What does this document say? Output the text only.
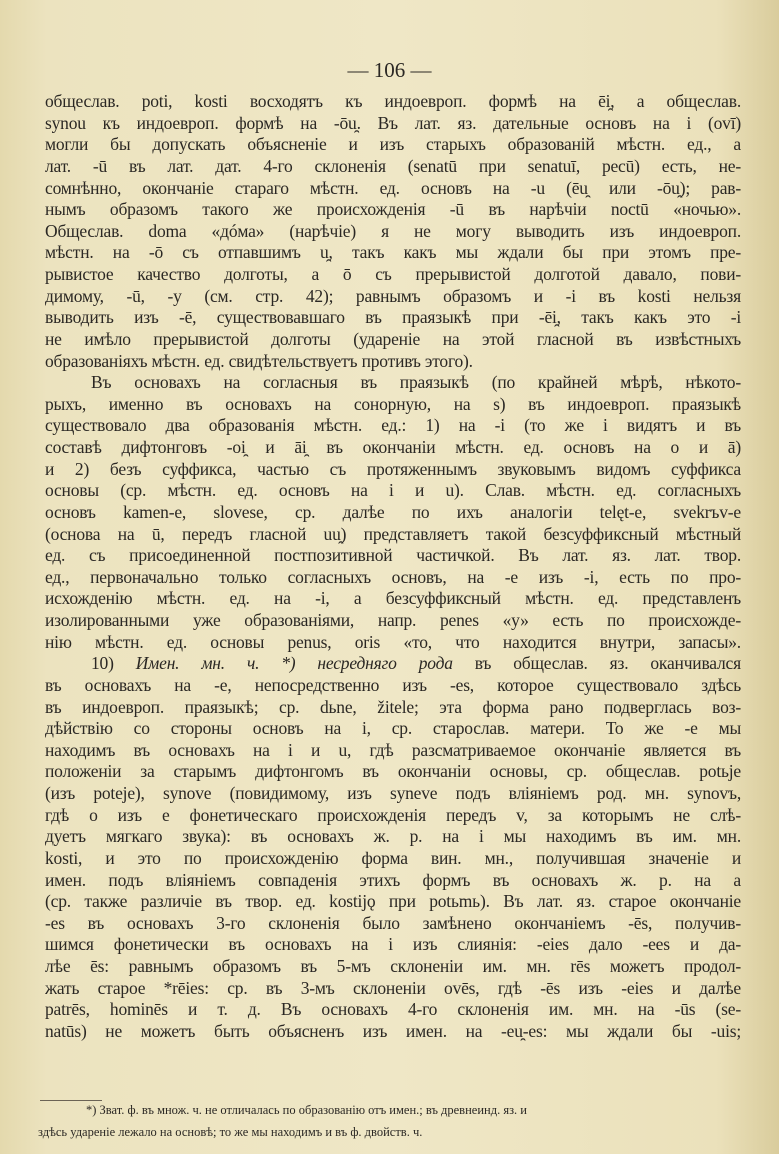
— 106 —
общеслав. poti, kosti восходятъ къ индоевроп. формѣ на ēi̯, а общеслав.
synou къ индоевроп. формѣ на -ōu̯. Въ лат. яз. дательные основъ на i (ovī)
могли бы допускать объясненіе и изъ старыхъ образованій мѣстн. ед., а
лат. -ū въ лат. дат. 4-го склоненія (senatū при senatuī, pecū) есть, не-
сомнѣнно, окончаніе стараго мѣстн. ед. основъ на -u (ēu̯ или -ōu̯); рав-
нымъ образомъ такого же происхожденія -ū въ нарѣчіи noctū «ночью».
Общеслав. doma «дóма» (нарѣчіе) я не могу выводить изъ индоевроп.
мѣстн. на -ō съ отпавшимъ u̯, такъ какъ мы ждали бы при этомъ пре-
рывистое качество долготы, а ō съ прерывистой долготой давало, пови-
димому, -ū, -у (см. стр. 42); равнымъ образомъ и -i въ kosti нельзя
выводить изъ -ē, существовавшаго въ праязыкѣ при -ēi̯, такъ какъ это -i
не имѣло прерывистой долготы (удареніе на этой гласной въ извѣстныхъ
образованіяхъ мѣстн. ед. свидѣтельствуетъ противъ этого).
Въ основахъ на согласныя въ праязыкѣ (по крайней мѣрѣ, нѣкото-
рыхъ, именно въ основахъ на сонорную, на s) въ индоевроп. праязыкѣ
существовало два образованія мѣстн. ед.: 1) на -i (то же i видятъ и въ
составѣ дифтонговъ -oi̯ и āi̯ въ окончаніи мѣстн. ед. основъ на o и ā)
и 2) безъ суффикса, частью съ протяженнымъ звуковымъ видомъ суффикса
основы (ср. мѣстн. ед. основъ на i и u). Слав. мѣстн. ед. согласныхъ
основъ kamen-e, slovese, ср. далѣе по ихъ аналогіи telęt-e, svekrъv-e
(основа на ū, передъ гласной uu̯) представляетъ такой безсуффиксный мѣстный
ед. съ присоединенной постпозитивной частичкой. Въ лат. яз. лат. твор.
ед., первоначально только согласныхъ основъ, на -e изъ -i, есть по про-
исхожденію мѣстн. ед. на -i, а безсуффиксный мѣстн. ед. представленъ
изолированными уже образованіями, напр. penes «у» есть по происхожде-
нію мѣстн. ед. основы penus, oris «то, что находится внутри, запасы».
10) Имен. мн. ч. *) несредняго рода въ общеслав. яз. оканчивался
въ основахъ на -e, непосредственно изъ -es, которое существовало здѣсь
въ индоевроп. праязыкѣ; ср. dьne, žitele; эта форма рано подверглась воз-
дѣйствію со стороны основъ на i, ср. старослав. матери. То же -e мы
находимъ въ основахъ на i и u, гдѣ разсматриваемое окончаніе является въ
положеніи за старымъ дифтонгомъ въ окончаніи основы, ср. общеслав. potьje
(изъ poteje), synove (повидимому, изъ syneve подъ вліяніемъ род. мн. synovъ,
гдѣ o изъ e фонетическаго происхожденія передъ v, за которымъ не слѣ-
дуетъ мягкаго звука): въ основахъ ж. р. на i мы находимъ въ им. мн.
kosti, и это по происхожденію форма вин. мн., получившая значеніе и
имен. подъ вліяніемъ совпаденія этихъ формъ въ основахъ ж. р. на a
(ср. также различіе въ твор. ед. kostijǫ при potьmь). Въ лат. яз. старое окончаніе
-es въ основахъ 3-го склоненія было замѣнено окончаніемъ -ēs, получив-
шимся фонетически въ основахъ на i изъ слиянія: -eies дало -ees и да-
лѣе ēs: равнымъ образомъ въ 5-мъ склоненіи им. мн. rēs можетъ продол-
жать старое *rēies: ср. въ 3-мъ склоненіи ovēs, гдѣ -ēs изъ -eies и далѣе
patrēs, hominēs и т. д. Въ основахъ 4-го склоненія им. мн. на -ūs (se-
natūs) не можетъ быть объясненъ изъ имен. на -eu̯-es: мы ждали бы -uis;
*) Зват. ф. въ множ. ч. не отличалась по образованію отъ имен.; въ древнеинд. яз. и
здѣсь удареніе лежало на основѣ; то же мы находимъ и въ ф. двойств. ч.
